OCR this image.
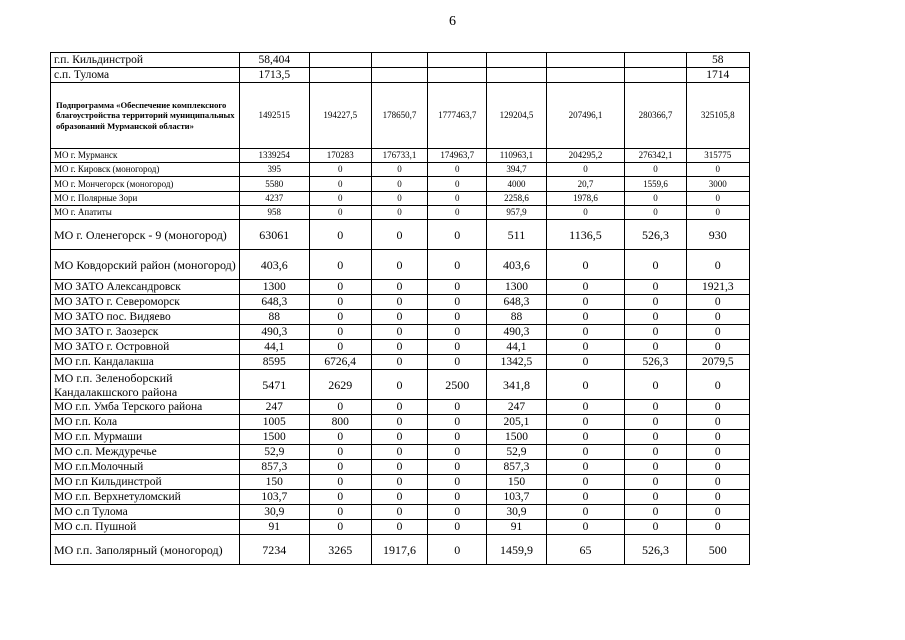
6
г.п. Кильдинстрой	58,404							58
с.п. Тулома	1713,5							1714
Подпрограмма «Обеспечение комплексного благоустройства территорий муниципальных образований Мурманской области»	1492515	194227,5	178650,7	1777463,7	129204,5	207496,1	280366,7	325105,8
МО г. Мурманск	1339254	170283	176733,1	174963,7	110963,1	204295,2	276342,1	315775
МО г. Кировск (моногород)	395	0	0	0	394,7	0	0	0
МО г. Мончегорск (моногород)	5580	0	0	0	4000	20,7	1559,6	3000
МО г. Полярные Зори	4237	0	0	0	2258,6	1978,6	0	0
МО г. Апатиты	958	0	0	0	957,9	0	0	0
МО г. Оленегорск - 9 (моногород)	63061	0	0	0	511	1136,5	526,3	930
МО Ковдорский район (моногород)	403,6	0	0	0	403,6	0	0	0
МО ЗАТО Александровск	1300	0	0	0	1300	0	0	1921,3
МО ЗАТО г. Североморск	648,3	0	0	0	648,3	0	0	0
МО ЗАТО пос. Видяево	88	0	0	0	88	0	0	0
МО ЗАТО г. Заозерск	490,3	0	0	0	490,3	0	0	0
МО ЗАТО г. Островной	44,1	0	0	0	44,1	0	0	0
МО г.п. Кандалакша	8595	6726,4	0	0	1342,5	0	526,3	2079,5
МО г.п. Зеленоборский Кандалакшского района	5471	2629	0	2500	341,8	0	0	0
МО г.п. Умба Терского района	247	0	0	0	247	0	0	0
МО г.п. Кола	1005	800	0	0	205,1	0	0	0
МО г.п. Мурмаши	1500	0	0	0	1500	0	0	0
МО с.п. Междуречье	52,9	0	0	0	52,9	0	0	0
МО г.п.Молочный	857,3	0	0	0	857,3	0	0	0
МО г.п Кильдинстрой	150	0	0	0	150	0	0	0
МО г.п. Верхнетуломский	103,7	0	0	0	103,7	0	0	0
МО с.п Тулома	30,9	0	0	0	30,9	0	0	0
МО с.п. Пушной	91	0	0	0	91	0	0	0
МО г.п. Заполярный (моногород)	7234	3265	1917,6	0	1459,9	65	526,3	500
